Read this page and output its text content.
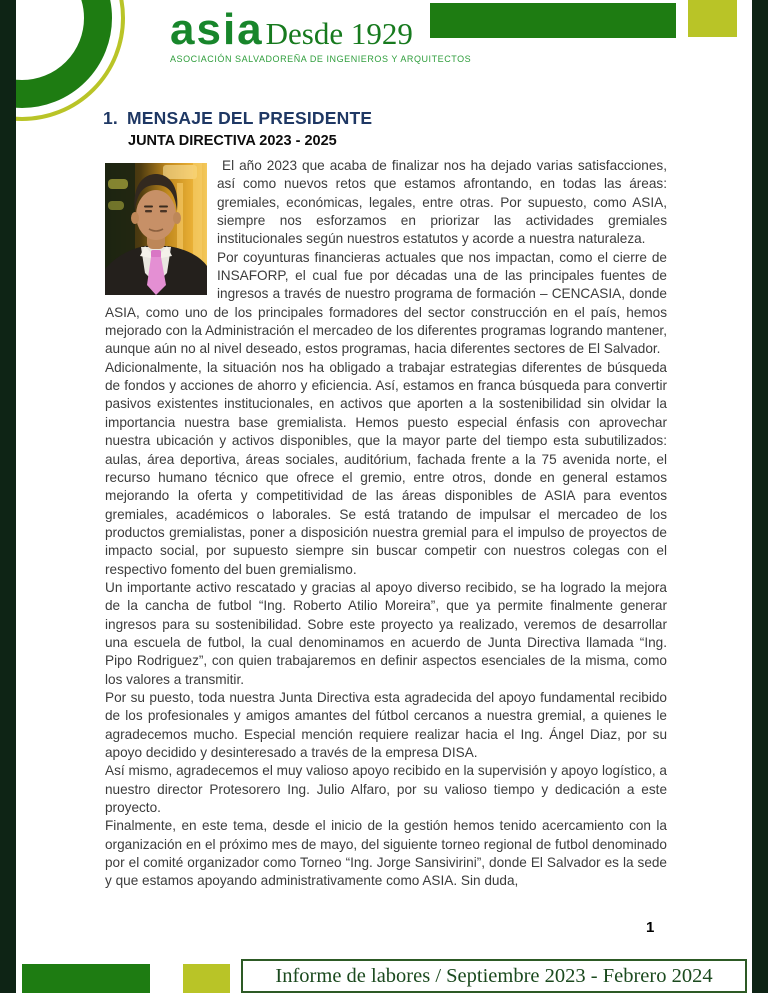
asia Desde 1929
ASOCIACIÓN SALVADOREÑA DE INGENIEROS Y ARQUITECTOS
1. MENSAJE DEL PRESIDENTE
JUNTA DIRECTIVA 2023 - 2025

El año 2023 que acaba de finalizar nos ha dejado varias satisfacciones, así como nuevos retos que estamos afrontando, en todas las áreas: gremiales, económicas, legales, entre otras. Por supuesto, como ASIA, siempre nos esforzamos en priorizar las actividades gremiales institucionales según nuestros estatutos y acorde a nuestra naturaleza.

Por coyunturas financieras actuales que nos impactan, como el cierre de INSAFORP, el cual fue por décadas una de las principales fuentes de ingresos a través de nuestro programa de formación – CENCASIA, donde ASIA, como uno de los principales formadores del sector construcción en el país, hemos mejorado con la Administración el mercadeo de los diferentes programas logrando mantener, aunque aún no al nivel deseado, estos programas, hacia diferentes sectores de El Salvador.

Adicionalmente, la situación nos ha obligado a trabajar estrategias diferentes de búsqueda de fondos y acciones de ahorro y eficiencia. Así, estamos en franca búsqueda para convertir pasivos existentes institucionales, en activos que aporten a la sostenibilidad sin olvidar la importancia nuestra base gremialista. Hemos puesto especial énfasis con aprovechar nuestra ubicación y activos disponibles, que la mayor parte del tiempo esta subutilizados: aulas, área deportiva, áreas sociales, auditórium, fachada frente a la 75 avenida norte, el recurso humano técnico que ofrece el gremio, entre otros, donde en general estamos mejorando la oferta y competitividad de las áreas disponibles de ASIA para eventos gremiales, académicos o laborales. Se está tratando de impulsar el mercadeo de los productos gremialistas, poner a disposición nuestra gremial para el impulso de proyectos de impacto social, por supuesto siempre sin buscar competir con nuestros colegas con el respectivo fomento del buen gremialismo.

Un importante activo rescatado y gracias al apoyo diverso recibido, se ha logrado la mejora de la cancha de futbol “Ing. Roberto Atilio Moreira”, que ya permite finalmente generar ingresos para su sostenibilidad. Sobre este proyecto ya realizado, veremos de desarrollar una escuela de futbol, la cual denominamos en acuerdo de Junta Directiva llamada “Ing. Pipo Rodriguez”, con quien trabajaremos en definir aspectos esenciales de la misma, como los valores a transmitir.

Por su puesto, toda nuestra Junta Directiva esta agradecida del apoyo fundamental recibido de los profesionales y amigos amantes del fútbol cercanos a nuestra gremial, a quienes le agradecemos mucho. Especial mención requiere realizar hacia el Ing. Ángel Diaz, por su apoyo decidido y desinteresado a través de la empresa DISA.

Así mismo, agradecemos el muy valioso apoyo recibido en la supervisión y apoyo logístico, a nuestro director Protesorero Ing. Julio Alfaro, por su valioso tiempo y dedicación a este proyecto.

Finalmente, en este tema, desde el inicio de la gestión hemos tenido acercamiento con la organización en el próximo mes de mayo, del siguiente torneo regional de futbol denominado por el comité organizador como Torneo “Ing. Jorge Sansivirini”, donde El Salvador es la sede y que estamos apoyando administrativamente como ASIA. Sin duda,

1
Informe de labores / Septiembre 2023 - Febrero 2024
